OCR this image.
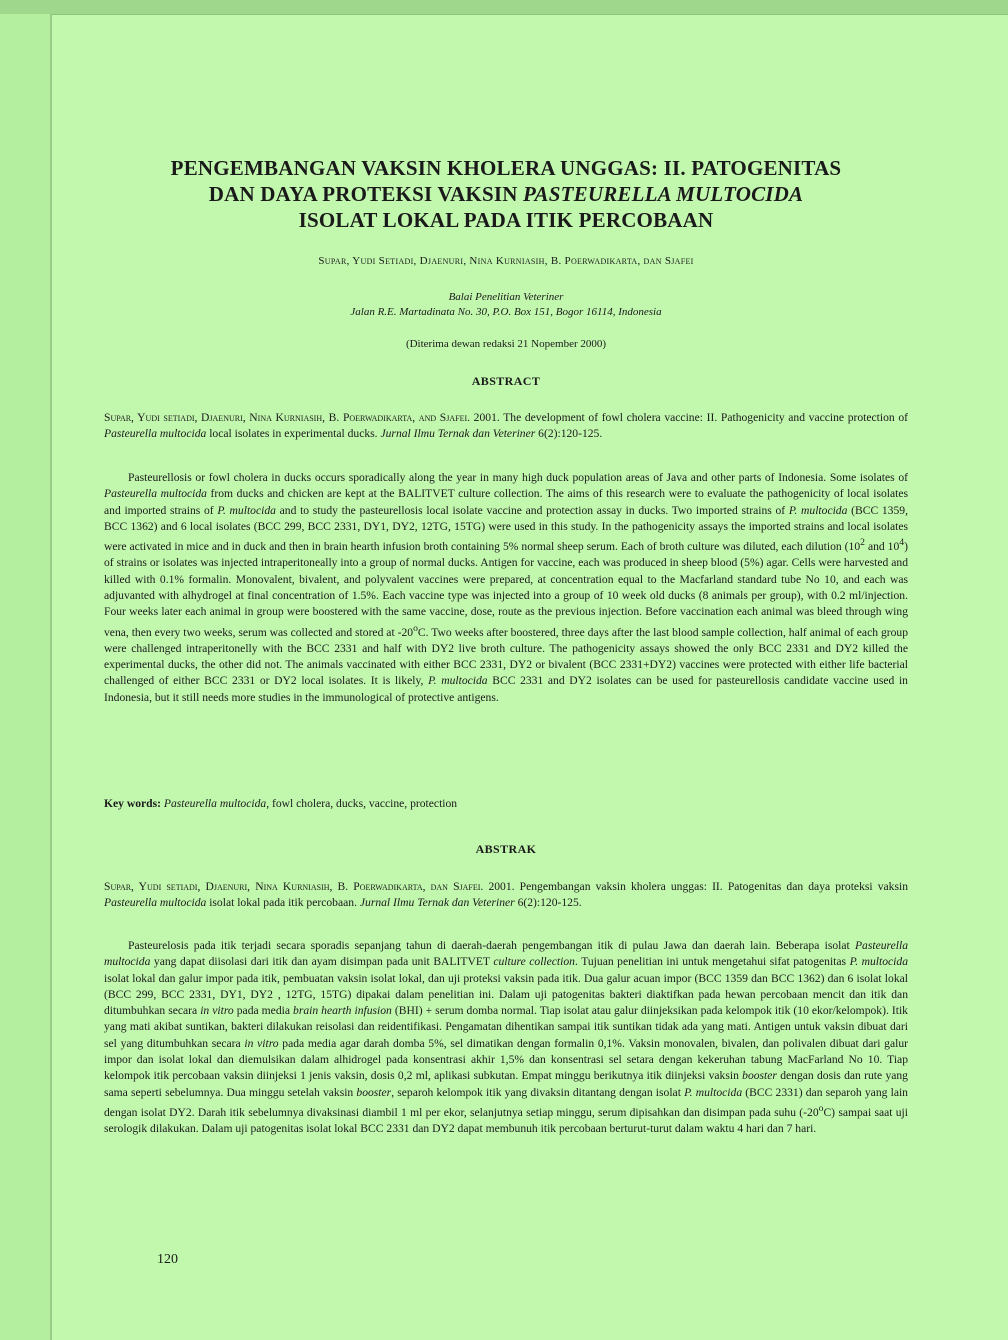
PENGEMBANGAN VAKSIN KHOLERA UNGGAS: II. PATOGENITAS
DAN DAYA PROTEKSI VAKSIN PASTEURELLA MULTOCIDA
ISOLAT LOKAL PADA ITIK PERCOBAAN
Supar, Yudi Setiadi, Djaenuri, Nina Kurniasih, B. Poerwadikarta, dan Sjafei
Balai Penelitian Veteriner
Jalan R.E. Martadinata No. 30, P.O. Box 151, Bogor 16114, Indonesia
(Diterima dewan redaksi 21 Nopember 2000)
ABSTRACT

Supar, Yudi setiadi, Djaenuri, Nina Kurniasih, B. Poerwadikarta, and Sjafei. 2001. The development of fowl cholera vaccine: II. Pathogenicity and vaccine protection of Pasteurella multocida local isolates in experimental ducks. Jurnal Ilmu Ternak dan Veteriner 6(2):120-125.

Pasteurellosis or fowl cholera in ducks occurs sporadically along the year in many high duck population areas of Java and other parts of Indonesia. Some isolates of Pasteurella multocida from ducks and chicken are kept at the BALITVET culture collection. The aims of this research were to evaluate the pathogenicity of local isolates and imported strains of P. multocida and to study the pasteurellosis local isolate vaccine and protection assay in ducks. Two imported strains of P. multocida (BCC 1359, BCC 1362) and 6 local isolates (BCC 299, BCC 2331, DY1, DY2, 12TG, 15TG) were used in this study. In the pathogenicity assays the imported strains and local isolates were activated in mice and in duck and then in brain hearth infusion broth containing 5% normal sheep serum. Each of broth culture was diluted, each dilution ($10^2$ and $10^4$) of strains or isolates was injected intraperitoneally into a group of normal ducks. Antigen for vaccine, each was produced in sheep blood (5%) agar. Cells were harvested and killed with 0.1% formalin. Monovalent, bivalent, and polyvalent vaccines were prepared, at concentration equal to the Macfarland standard tube No 10, and each was adjuvanted with alhydrogel at final concentration of 1.5%. Each vaccine type was injected into a group of 10 week old ducks (8 animals per group), with 0.2 ml/injection. Four weeks later each animal in group were boostered with the same vaccine, dose, route as the previous injection. Before vaccination each animal was bleed through wing vena, then every two weeks, serum was collected and stored at -20$^o$C. Two weeks after boostered, three days after the last blood sample collection, half animal of each group were challenged intraperitonelly with the BCC 2331 and half with DY2 live broth culture. The pathogenicity assays showed the only BCC 2331 and DY2 killed the experimental ducks, the other did not. The animals vaccinated with either BCC 2331, DY2 or bivalent (BCC 2331+DY2) vaccines were protected with either life bacterial challenged of either BCC 2331 or DY2 local isolates. It is likely, P. multocida BCC 2331 and DY2 isolates can be used for pasteurellosis candidate vaccine used in Indonesia, but it still needs more studies in the immunological of protective antigens.

Key words: Pasteurella multocida, fowl cholera, ducks, vaccine, protection

ABSTRAK

Supar, Yudi setiadi, Djaenuri, Nina Kurniasih, B. Poerwadikarta, dan Sjafei. 2001. Pengembangan vaksin kholera unggas: II. Patogenitas dan daya proteksi vaksin Pasteurella multocida isolat lokal pada itik percobaan. Jurnal Ilmu Ternak dan Veteriner 6(2):120-125.

Pasteurelosis pada itik terjadi secara sporadis sepanjang tahun di daerah-daerah pengembangan itik di pulau Jawa dan daerah lain. Beberapa isolat Pasteurella multocida yang dapat diisolasi dari itik dan ayam disimpan pada unit BALITVET culture collection. Tujuan penelitian ini untuk mengetahui sifat patogenitas P. multocida isolat lokal dan galur impor pada itik, pembuatan vaksin isolat lokal, dan uji proteksi vaksin pada itik. Dua galur acuan impor (BCC 1359 dan BCC 1362) dan 6 isolat lokal (BCC 299, BCC 2331, DY1, DY2 , 12TG, 15TG) dipakai dalam penelitian ini. Dalam uji patogenitas bakteri diaktifkan pada hewan percobaan mencit dan itik dan ditumbuhkan secara in vitro pada media brain hearth infusion (BHI) + serum domba normal. Tiap isolat atau galur diinjeksikan pada kelompok itik (10 ekor/kelompok). Itik yang mati akibat suntikan, bakteri dilakukan reisolasi dan reidentifikasi. Pengamatan dihentikan sampai itik suntikan tidak ada yang mati. Antigen untuk vaksin dibuat dari sel yang ditumbuhkan secara in vitro pada media agar darah domba 5%, sel dimatikan dengan formalin 0,1%. Vaksin monovalen, bivalen, dan polivalen dibuat dari galur impor dan isolat lokal dan diemulsikan dalam alhidrogel pada konsentrasi akhir 1,5% dan konsentrasi sel setara dengan kekeruhan tabung MacFarland No 10. Tiap kelompok itik percobaan vaksin diinjeksi 1 jenis vaksin, dosis 0,2 ml, aplikasi subkutan. Empat minggu berikutnya itik diinjeksi vaksin booster dengan dosis dan rute yang sama seperti sebelumnya. Dua minggu setelah vaksin booster, separoh kelompok itik yang divaksin ditantang dengan isolat P. multocida (BCC 2331) dan separoh yang lain dengan isolat DY2. Darah itik sebelumnya divaksinasi diambil 1 ml per ekor, selanjutnya setiap minggu, serum dipisahkan dan disimpan pada suhu (-20$^o$C) sampai saat uji serologik dilakukan. Dalam uji patogenitas isolat lokal BCC 2331 dan DY2 dapat membunuh itik percobaan berturut-turut dalam waktu 4 hari dan 7 hari.

120
